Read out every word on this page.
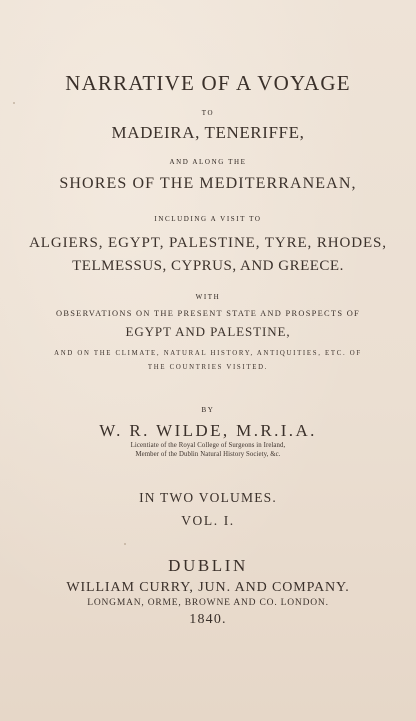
NARRATIVE OF A VOYAGE
TO
MADEIRA, TENERIFFE,
AND ALONG THE
SHORES OF THE MEDITERRANEAN,
INCLUDING A VISIT TO
ALGIERS, EGYPT, PALESTINE, TYRE, RHODES,
TELMESSUS, CYPRUS, AND GREECE.
WITH
OBSERVATIONS ON THE PRESENT STATE AND PROSPECTS OF
EGYPT AND PALESTINE,
AND ON THE CLIMATE, NATURAL HISTORY, ANTIQUITIES, ETC. OF
THE COUNTRIES VISITED.
BY
W. R. WILDE, M.R.I.A.
Licentiate of the Royal College of Surgeons in Ireland,
Member of the Dublin Natural History Society, &c.
IN TWO VOLUMES.
VOL. I.
DUBLIN
WILLIAM CURRY, JUN. AND COMPANY.
LONGMAN, ORME, BROWNE AND CO. LONDON.
1840.
